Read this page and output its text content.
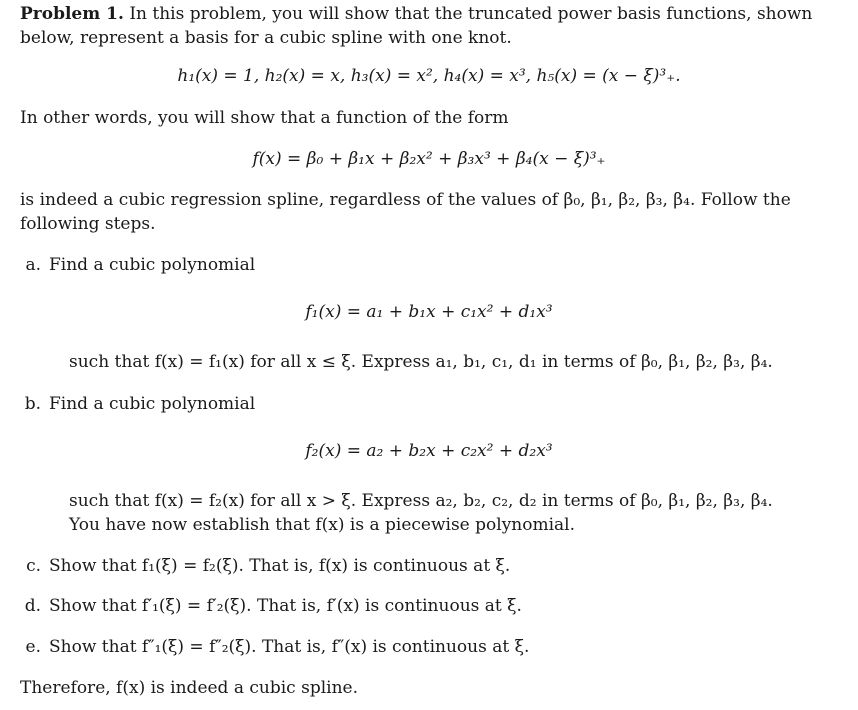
Problem 1. In this problem, you will show that the truncated power basis functions, shown
below, represent a basis for a cubic spline with one knot.
h₁(x) = 1, h₂(x) = x, h₃(x) = x², h₄(x) = x³, h₅(x) = (x − ξ)³₊.
In other words, you will show that a function of the form
f(x) = β₀ + β₁x + β₂x² + β₃x³ + β₄(x − ξ)³₊
is indeed a cubic regression spline, regardless of the values of β₀, β₁, β₂, β₃, β₄. Follow the
following steps.
a. Find a cubic polynomial
f₁(x) = a₁ + b₁x + c₁x² + d₁x³
such that f(x) = f₁(x) for all x ≤ ξ. Express a₁, b₁, c₁, d₁ in terms of β₀, β₁, β₂, β₃, β₄.
b. Find a cubic polynomial
f₂(x) = a₂ + b₂x + c₂x² + d₂x³
such that f(x) = f₂(x) for all x > ξ. Express a₂, b₂, c₂, d₂ in terms of β₀, β₁, β₂, β₃, β₄.
You have now establish that f(x) is a piecewise polynomial.
c. Show that f₁(ξ) = f₂(ξ). That is, f(x) is continuous at ξ.
d. Show that f′₁(ξ) = f′₂(ξ). That is, f′(x) is continuous at ξ.
e. Show that f″₁(ξ) = f″₂(ξ). That is, f″(x) is continuous at ξ.
Therefore, f(x) is indeed a cubic spline.
